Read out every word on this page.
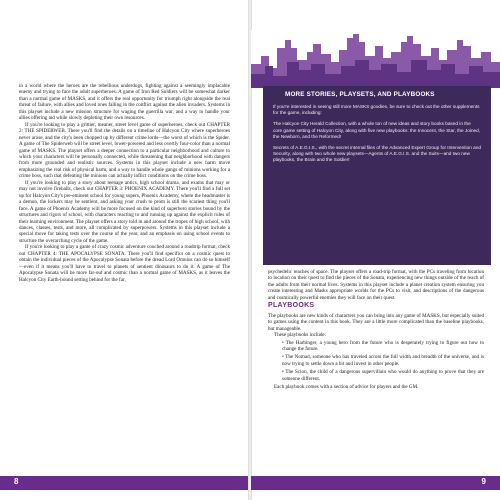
in a world where the heroes are the rebellious underdogs, fighting against a seemingly implacable enemy and trying to face the adult superheroes. A game of Iron Red Soldiers will be somewhat darker than a normal game of MASKS, and it offers the real opportunity for triumph right alongside the real threat of failure, with allies and loved ones falling in the conflict against the alien invaders. Systems in this playset include a new mission structure for waging the guerrilla war, and a way to handle your allies offering aid while slowly depleting their own resources.

If you're looking to play a grittier, meaner, street level game of superheroes, check out CHAPTER 2: THE SPIDERWEB. There you'll find the details on a timeline of Halcyon City where superheroes never arose, and the city's been chopped up by different crime lords—the worst of which is the Spider. A game of The Spiderweb will be street level, lower-powered and less overtly four-color than a normal game of MASKS. The playset offers a deeper connection to a particular neighborhood and culture to which your characters will be personally connected, while threatening that neighborhood with dangers from more grounded and realistic sources. Systems in this playset include a new harm move emphasizing the real risk of physical harm, and a way to handle whole gangs of minions working for a crime boss, such that defeating the minions can actually inflict conditions on the crime boss.

If you're looking to play a story about teenage antics, high school drama, and exams that may or may not involve fireballs, check out CHAPTER 3: PHOENIX ACADEMY. There you'll find a full set up for Halcyon City's pre-eminent school for young supers, Phoenix Academy, where the headmaster is a demon, the lockers may be sentient, and asking your crush to prom is still the scariest thing you'll face. A game of Phoenix Academy will be more focused on the kind of superhero stories bound by the structures and rigors of school, with characters reacting to and running up against the explicit rules of their learning environment. The playset offers a story told in and around the tropes of high school, with dances, classes, tests, and more, all complicated by superpowers. Systems in this playset include a special move for taking tests over the course of the year, and an emphasis on using school events to structure the overarching cycle of the game.

If you're looking to play a game of crazy cosmic adventure couched around a roadtrip format, check out CHAPTER 4: THE APOCALYPSE SONATA. There you'll find specifics on a cosmic quest to obtain the individual pieces of the Apocalypse Sonata before the dread Lord Omnius can do so himself—even if it means you'll have to travel to planets of sentient dinosaurs to do it. A game of The Apocalypse Sonata will be more far-out and cosmic than a normal game of MASKS, as it leaves the Halcyon City Earth-bound setting behind for the far,

8
MORE STORIES, PLAYSETS, AND PLAYBOOKS

If you're interested in seeing still more MASKS goodies, be sure to check out the other supplements for the game, including:

The Halcyon City Herald Collection, with a whole ton of new ideas and story books based in the core game setting of Halcyon City, along with five new playbooks: the Innocent, the Star, the Joined, the Newborn, and the Reformed!

Secrets of A.E.G.I.S., with the secret internal files of the Advanced Expert Group for Intervention and Security, along with two whole new playsets—Agents of A.E.G.I.S. and the Suits—and two new playbooks, the Brain and the Soldier!

psychedelic reaches of space. The playset offers a road-trip format, with the PCs traveling from location to location on their quest to find the pieces of the Sonata, experiencing new things outside of the reach of the adults from their normal lives. Systems in this playset include a planet creation system ensuring you create interesting and Masks appropriate worlds for the PCs to visit, and descriptions of the dangerous and cosmically powerful enemies they will face on their quest.

PLAYBOOKS

The playbooks are new kinds of characters you can bring into any game of MASKS, but especially suited to games using the content in this book. They are a little more complicated than the baseline playbooks, but manageable.

These playbooks include:

• The Harbinger, a young hero from the future who is desperately trying to figure out how to change the future.

• The Nomad, someone who has traveled across the full width and breadth of the universe, and is now trying to settle down a bit and invest in other people.

• The Scion, the child of a dangerous supervillain who would do anything to prove that they are someone different.

Each playbook comes with a section of advice for players and the GM.

9
